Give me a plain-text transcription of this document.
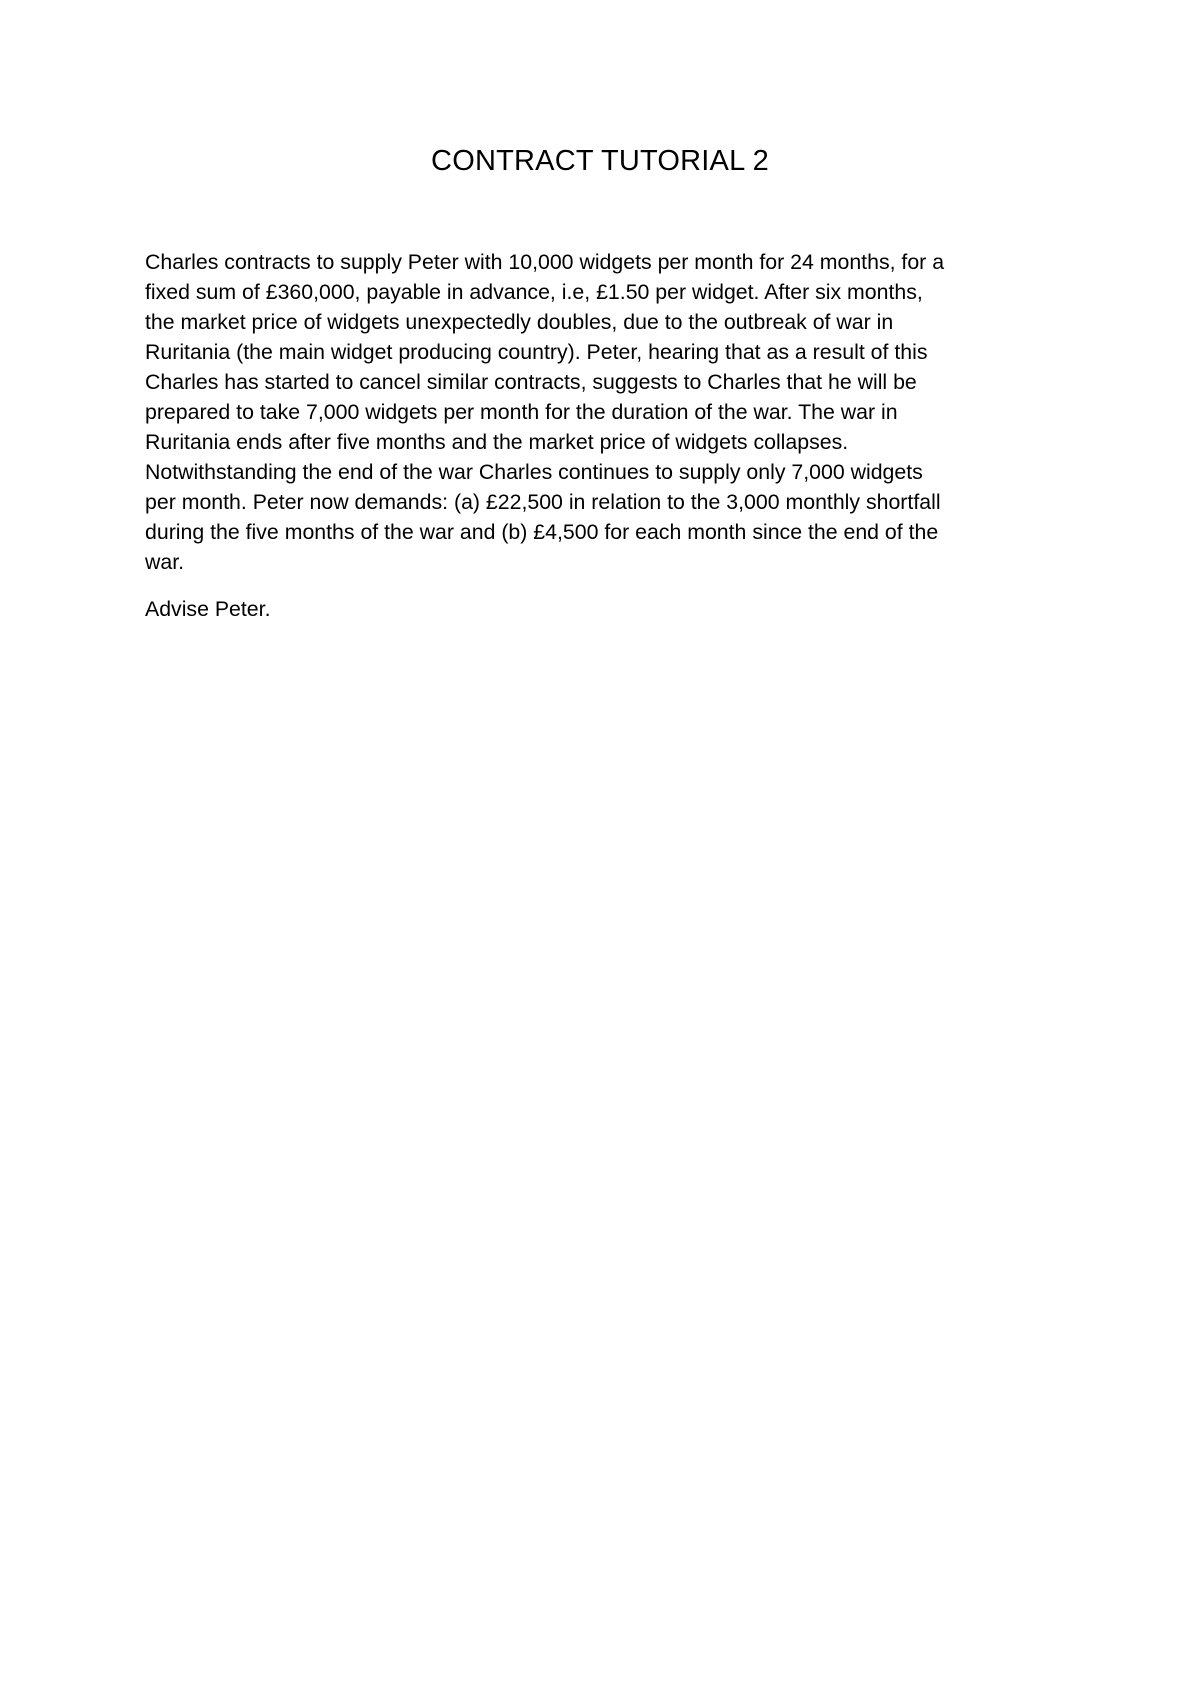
CONTRACT TUTORIAL 2

Charles contracts to supply Peter with 10,000 widgets per month for 24 months, for a
fixed sum of £360,000, payable in advance, i.e, £1.50 per widget. After six months,
the market price of widgets unexpectedly doubles, due to the outbreak of war in
Ruritania (the main widget producing country). Peter, hearing that as a result of this
Charles has started to cancel similar contracts, suggests to Charles that he will be
prepared to take 7,000 widgets per month for the duration of the war. The war in
Ruritania ends after five months and the market price of widgets collapses.
Notwithstanding the end of the war Charles continues to supply only 7,000 widgets
per month. Peter now demands: (a) £22,500 in relation to the 3,000 monthly shortfall
during the five months of the war and (b) £4,500 for each month since the end of the
war.

Advise Peter.
